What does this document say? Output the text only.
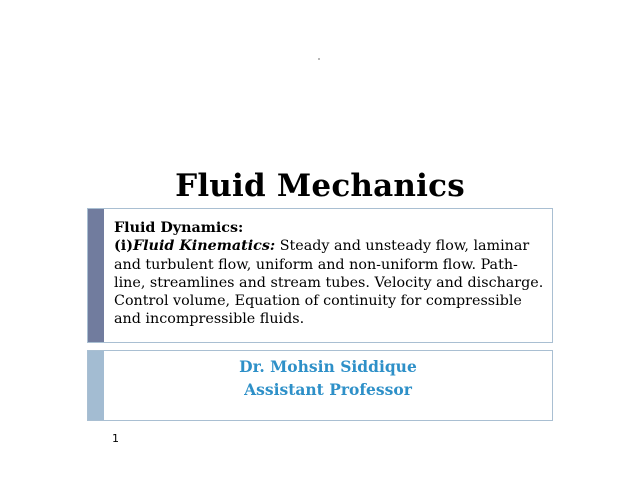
Fluid Mechanics
Fluid Dynamics:
(i)Fluid Kinematics: Steady and unsteady flow, laminar and turbulent flow, uniform and non-uniform flow. Path-line, streamlines and stream tubes. Velocity and discharge. Control volume, Equation of continuity for compressible and incompressible fluids.
Dr. Mohsin Siddique
Assistant Professor
1
